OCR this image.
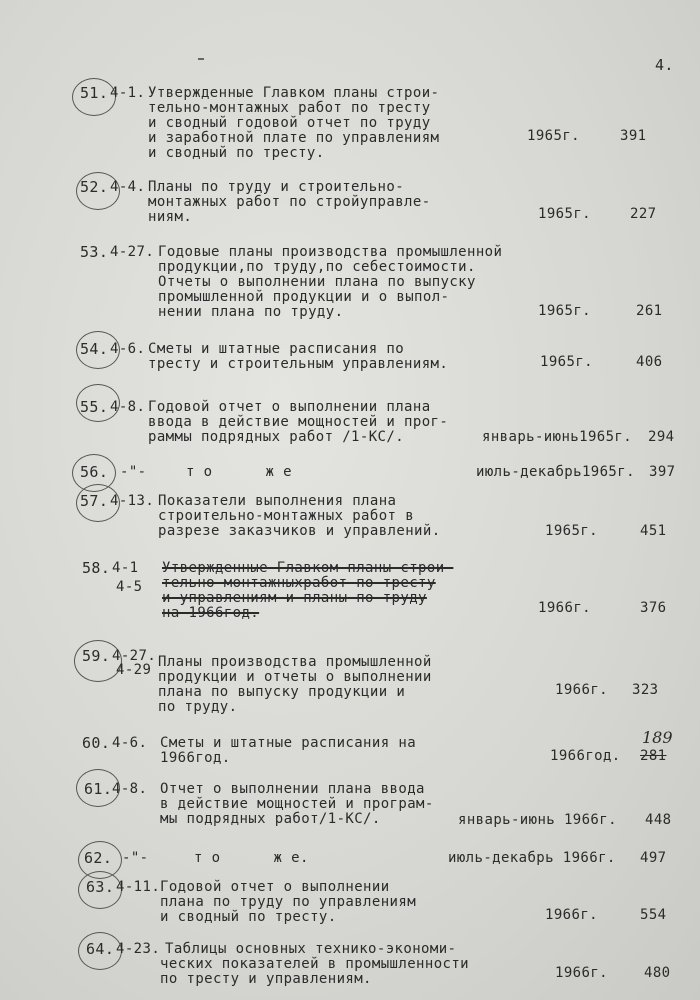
4.
51. 4-1. Утвержденные Главком планы строи-
тельно-монтажных работ по тресту
и сводный годовой отчет по труду
и заработной плате по управлениям
и сводный по тресту.
1965г.	391
52. 4-4. Планы по труду и строительно-
монтажных работ по стройуправле-
ниям.	1965г.	227
53. 4-27. Годовые планы производства промышленной
продукции,по труду,по себестоимости.
Отчеты о выполнении плана по выпуску
промышленной продукции и о выпол-
нении плана по труду.	1965г.	261
54. 4-6. Сметы и штатные расписания по
тресту и строительным управлениям.	1965г.	406
55. 4-8. Годовой отчет о выполнении плана
ввода в действие мощностей и прог-
раммы подрядных работ /1-КС/.	январь-июнь1965г. 294
56. -"-	т о      ж е	июль-декабрь1965г. 397
57. 4-13. Показатели выполнения плана
строительно-монтажных работ в
разрезе заказчиков и управлений.	1965г.	451
58. 4-1
4-5
Утвержденные Главком планы строи-
тельно-монтажныхработ по тресту
и управлениям и планы по труду
на 1966год.	1966г.	376
59. 4-27.
4-29 Планы производства промышленной
продукции и отчеты о выполнении
плана по выпуску продукции и
по труду.
1966г. 323
60. 4-6. Сметы и штатные расписания на
1966год.	1966год. 281
189
61. 4-8. Отчет о выполнении плана ввода
в действие мощностей и програм-
мы подрядных работ/1-КС/.	январь-июнь 1966г. 448
62. -"-	т о      ж е.	июль-декабрь 1966г. 497
63. 4-11. Годовой отчет о выполнении
плана по труду по управлениям
и сводный по тресту.	1966г.	554
64. 4-23. Таблицы основных технико-экономи-
ческих показателей в промышленности
по тресту и управлениям.	1966г.	480
